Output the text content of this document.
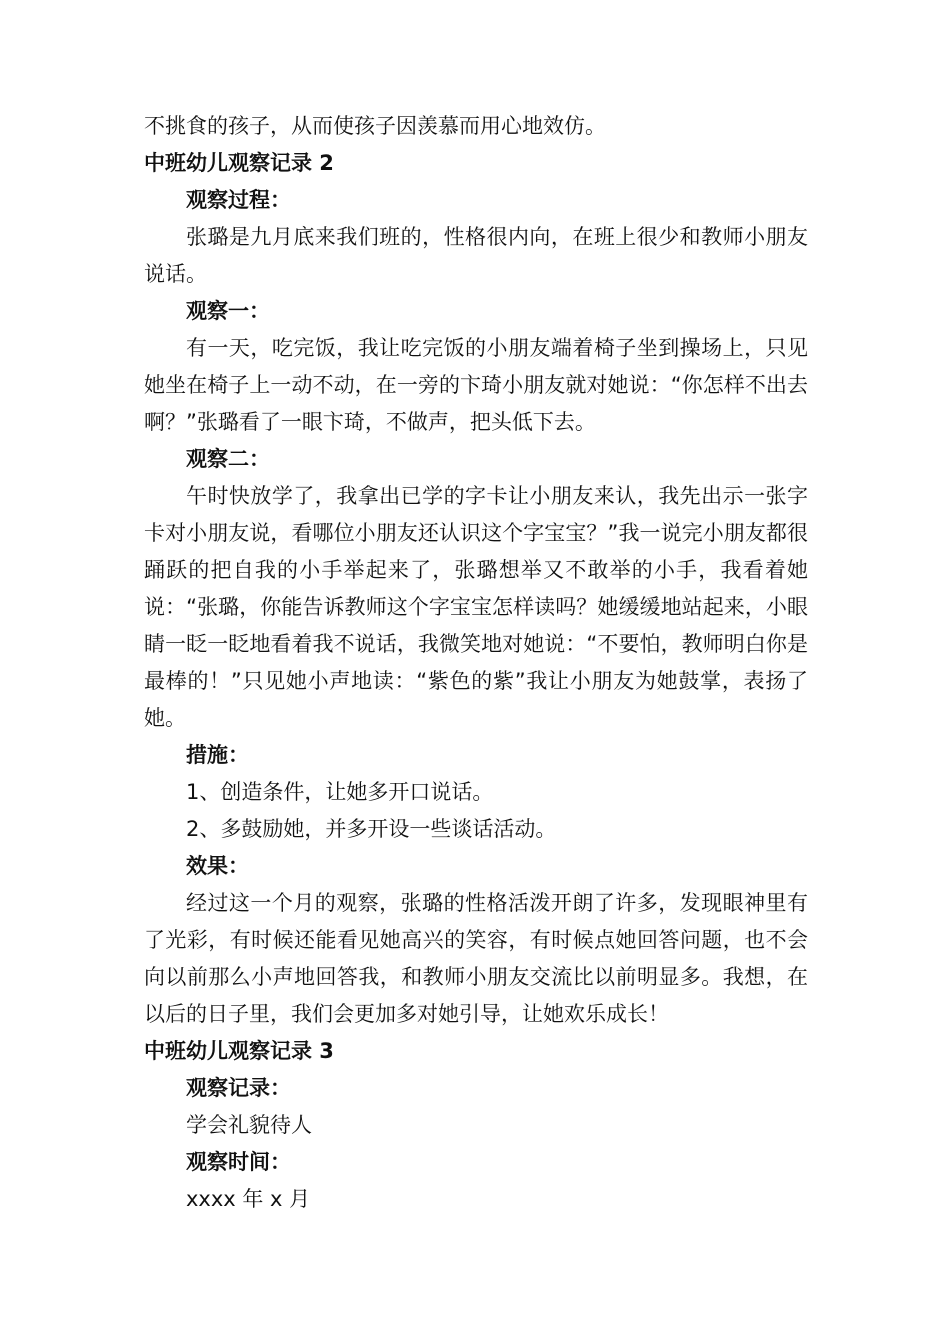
不挑食的孩子，从而使孩子因羡慕而用心地效仿。

中班幼儿观察记录 2

观察过程：

张璐是九月底来我们班的，性格很内向，在班上很少和教师小朋友说话。

观察一：

有一天，吃完饭，我让吃完饭的小朋友端着椅子坐到操场上，只见她坐在椅子上一动不动，在一旁的卞琦小朋友就对她说：“你怎样不出去啊？”张璐看了一眼卞琦，不做声，把头低下去。

观察二：

午时快放学了，我拿出已学的字卡让小朋友来认，我先出示一张字卡对小朋友说，看哪位小朋友还认识这个字宝宝？”我一说完小朋友都很踊跃的把自我的小手举起来了，张璐想举又不敢举的小手，我看着她说：“张璐，你能告诉教师这个字宝宝怎样读吗？她缓缓地站起来，小眼睛一眨一眨地看着我不说话，我微笑地对她说：“不要怕，教师明白你是最棒的！”只见她小声地读：“紫色的紫”我让小朋友为她鼓掌，表扬了她。

措施：

1、创造条件，让她多开口说话。

2、多鼓励她，并多开设一些谈话活动。

效果：

经过这一个月的观察，张璐的性格活泼开朗了许多，发现眼神里有了光彩，有时候还能看见她高兴的笑容，有时候点她回答问题，也不会向以前那么小声地回答我，和教师小朋友交流比以前明显多。我想，在以后的日子里，我们会更加多对她引导，让她欢乐成长！

中班幼儿观察记录 3

观察记录：

学会礼貌待人

观察时间：

xxxx 年 x 月
